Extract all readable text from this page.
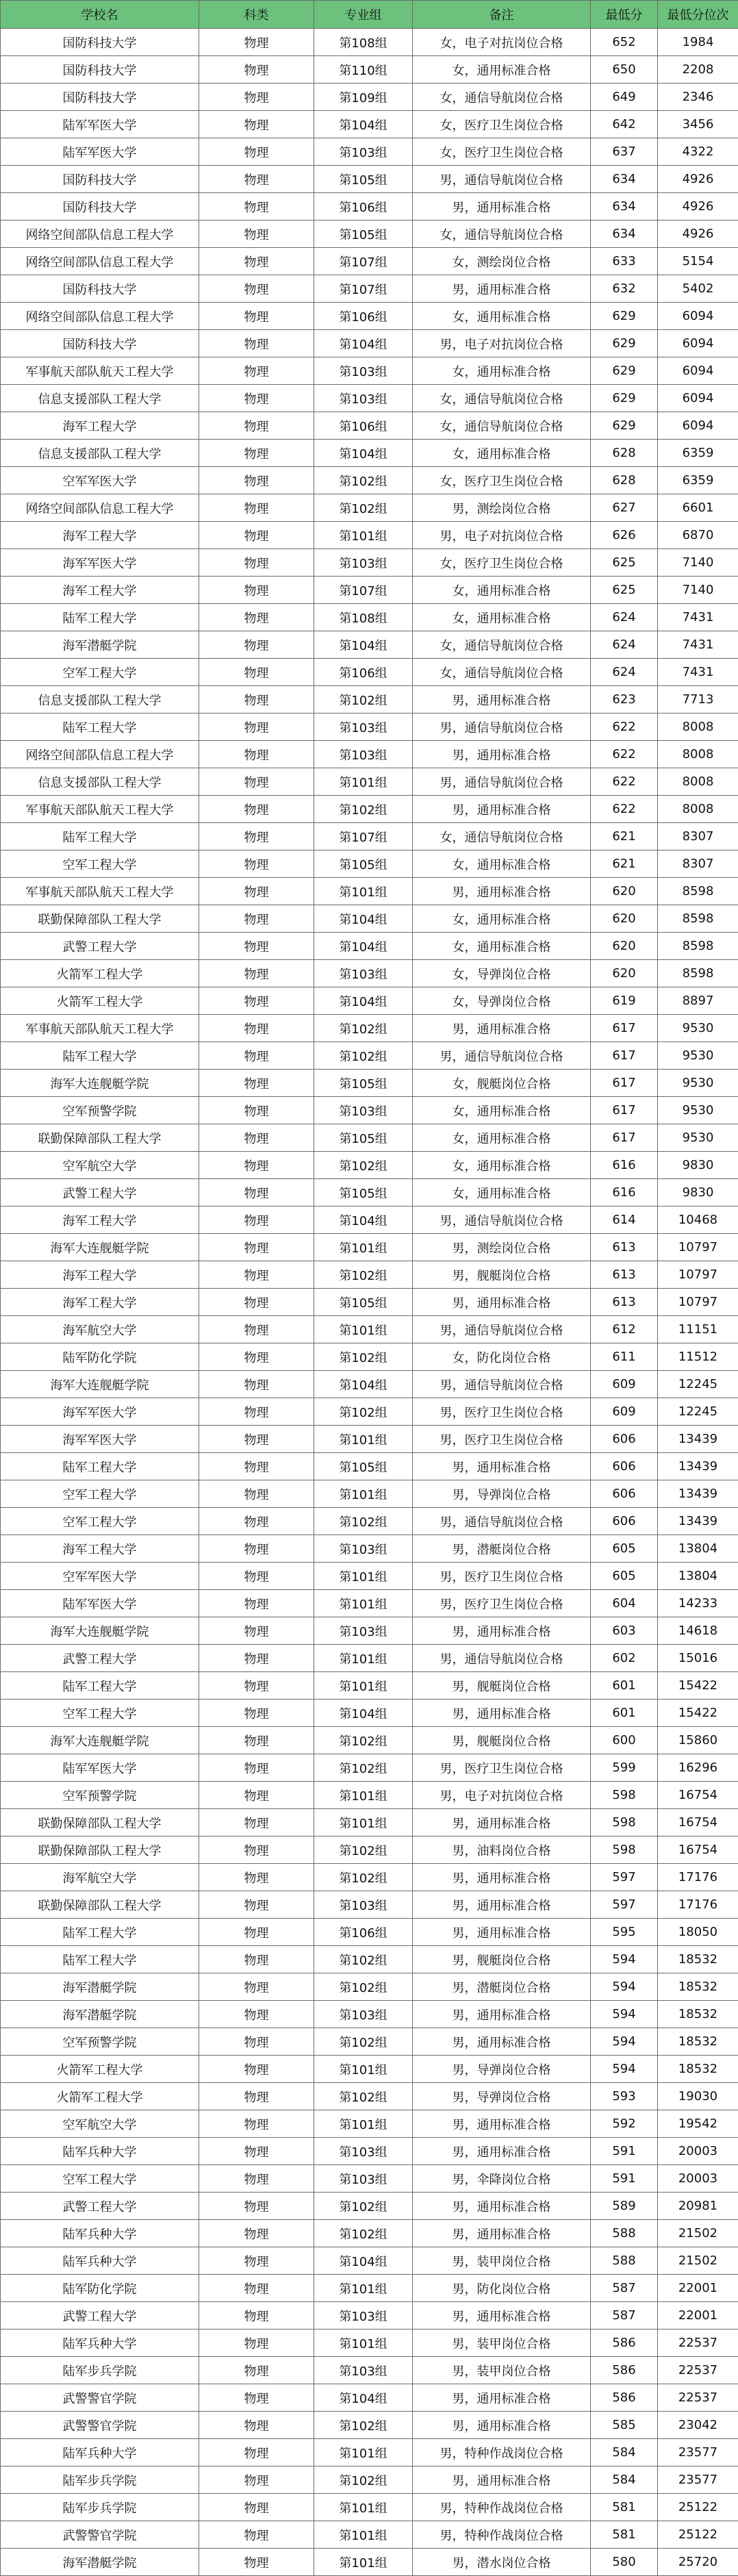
学校名	科类	专业组	备注	最低分	最低分位次
国防科技大学	物理	第108组	女，电子对抗岗位合格	652	1984
国防科技大学	物理	第110组	女，通用标准合格	650	2208
国防科技大学	物理	第109组	女，通信导航岗位合格	649	2346
陆军军医大学	物理	第104组	女，医疗卫生岗位合格	642	3456
陆军军医大学	物理	第103组	女，医疗卫生岗位合格	637	4322
国防科技大学	物理	第105组	男，通信导航岗位合格	634	4926
国防科技大学	物理	第106组	男，通用标准合格	634	4926
网络空间部队信息工程大学	物理	第105组	女，通信导航岗位合格	634	4926
网络空间部队信息工程大学	物理	第107组	女，测绘岗位合格	633	5154
国防科技大学	物理	第107组	男，通用标准合格	632	5402
网络空间部队信息工程大学	物理	第106组	女，通用标准合格	629	6094
国防科技大学	物理	第104组	男，电子对抗岗位合格	629	6094
军事航天部队航天工程大学	物理	第103组	女，通用标准合格	629	6094
信息支援部队工程大学	物理	第103组	女，通信导航岗位合格	629	6094
海军工程大学	物理	第106组	女，通信导航岗位合格	629	6094
信息支援部队工程大学	物理	第104组	女，通用标准合格	628	6359
空军军医大学	物理	第102组	女，医疗卫生岗位合格	628	6359
网络空间部队信息工程大学	物理	第102组	男，测绘岗位合格	627	6601
海军工程大学	物理	第101组	男，电子对抗岗位合格	626	6870
海军军医大学	物理	第103组	女，医疗卫生岗位合格	625	7140
海军工程大学	物理	第107组	女，通用标准合格	625	7140
陆军工程大学	物理	第108组	女，通用标准合格	624	7431
海军潜艇学院	物理	第104组	女，通信导航岗位合格	624	7431
空军工程大学	物理	第106组	女，通信导航岗位合格	624	7431
信息支援部队工程大学	物理	第102组	男，通用标准合格	623	7713
陆军工程大学	物理	第103组	男，通信导航岗位合格	622	8008
网络空间部队信息工程大学	物理	第103组	男，通用标准合格	622	8008
信息支援部队工程大学	物理	第101组	男，通信导航岗位合格	622	8008
军事航天部队航天工程大学	物理	第102组	男，通用标准合格	622	8008
陆军工程大学	物理	第107组	女，通信导航岗位合格	621	8307
空军工程大学	物理	第105组	女，通用标准合格	621	8307
军事航天部队航天工程大学	物理	第101组	男，通用标准合格	620	8598
联勤保障部队工程大学	物理	第104组	女，通用标准合格	620	8598
武警工程大学	物理	第104组	女，通用标准合格	620	8598
火箭军工程大学	物理	第103组	女，导弹岗位合格	620	8598
火箭军工程大学	物理	第104组	女，导弹岗位合格	619	8897
军事航天部队航天工程大学	物理	第102组	男，通用标准合格	617	9530
陆军工程大学	物理	第102组	男，通信导航岗位合格	617	9530
海军大连舰艇学院	物理	第105组	女，舰艇岗位合格	617	9530
空军预警学院	物理	第103组	女，通用标准合格	617	9530
联勤保障部队工程大学	物理	第105组	女，通用标准合格	617	9530
空军航空大学	物理	第102组	女，通用标准合格	616	9830
武警工程大学	物理	第105组	女，通用标准合格	616	9830
海军工程大学	物理	第104组	男，通信导航岗位合格	614	10468
海军大连舰艇学院	物理	第101组	男，测绘岗位合格	613	10797
海军工程大学	物理	第102组	男，舰艇岗位合格	613	10797
海军工程大学	物理	第105组	男，通用标准合格	613	10797
海军航空大学	物理	第101组	男，通信导航岗位合格	612	11151
陆军防化学院	物理	第102组	女，防化岗位合格	611	11512
海军大连舰艇学院	物理	第104组	男，通信导航岗位合格	609	12245
海军军医大学	物理	第102组	男，医疗卫生岗位合格	609	12245
海军军医大学	物理	第101组	男，医疗卫生岗位合格	606	13439
陆军工程大学	物理	第105组	男，通用标准合格	606	13439
空军工程大学	物理	第101组	男，导弹岗位合格	606	13439
空军工程大学	物理	第102组	男，通信导航岗位合格	606	13439
海军工程大学	物理	第103组	男，潜艇岗位合格	605	13804
空军军医大学	物理	第101组	男，医疗卫生岗位合格	605	13804
陆军军医大学	物理	第101组	男，医疗卫生岗位合格	604	14233
海军大连舰艇学院	物理	第103组	男，通用标准合格	603	14618
武警工程大学	物理	第101组	男，通信导航岗位合格	602	15016
陆军工程大学	物理	第101组	男，舰艇岗位合格	601	15422
空军工程大学	物理	第104组	男，通用标准合格	601	15422
海军大连舰艇学院	物理	第102组	男，舰艇岗位合格	600	15860
陆军军医大学	物理	第102组	男，医疗卫生岗位合格	599	16296
空军预警学院	物理	第101组	男，电子对抗岗位合格	598	16754
联勤保障部队工程大学	物理	第101组	男，通用标准合格	598	16754
联勤保障部队工程大学	物理	第102组	男，油料岗位合格	598	16754
海军航空大学	物理	第102组	男，通用标准合格	597	17176
联勤保障部队工程大学	物理	第103组	男，通用标准合格	597	17176
陆军工程大学	物理	第106组	男，通用标准合格	595	18050
陆军工程大学	物理	第102组	男，舰艇岗位合格	594	18532
海军潜艇学院	物理	第102组	男，潜艇岗位合格	594	18532
海军潜艇学院	物理	第103组	男，通用标准合格	594	18532
空军预警学院	物理	第102组	男，通用标准合格	594	18532
火箭军工程大学	物理	第101组	男，导弹岗位合格	594	18532
火箭军工程大学	物理	第102组	男，导弹岗位合格	593	19030
空军航空大学	物理	第101组	男，通用标准合格	592	19542
陆军兵种大学	物理	第103组	男，通用标准合格	591	20003
空军工程大学	物理	第103组	男，伞降岗位合格	591	20003
武警工程大学	物理	第102组	男，通用标准合格	589	20981
陆军兵种大学	物理	第102组	男，通用标准合格	588	21502
陆军兵种大学	物理	第104组	男，装甲岗位合格	588	21502
陆军防化学院	物理	第101组	男，防化岗位合格	587	22001
武警工程大学	物理	第103组	男，通用标准合格	587	22001
陆军兵种大学	物理	第101组	男，装甲岗位合格	586	22537
陆军步兵学院	物理	第103组	男，装甲岗位合格	586	22537
武警警官学院	物理	第104组	男，通用标准合格	586	22537
武警警官学院	物理	第102组	男，通用标准合格	585	23042
陆军兵种大学	物理	第101组	男，特种作战岗位合格	584	23577
陆军步兵学院	物理	第102组	男，通用标准合格	584	23577
陆军步兵学院	物理	第101组	男，特种作战岗位合格	581	25122
武警警官学院	物理	第101组	男，特种作战岗位合格	581	25122
海军潜艇学院	物理	第101组	男，潜水岗位合格	580	25720
